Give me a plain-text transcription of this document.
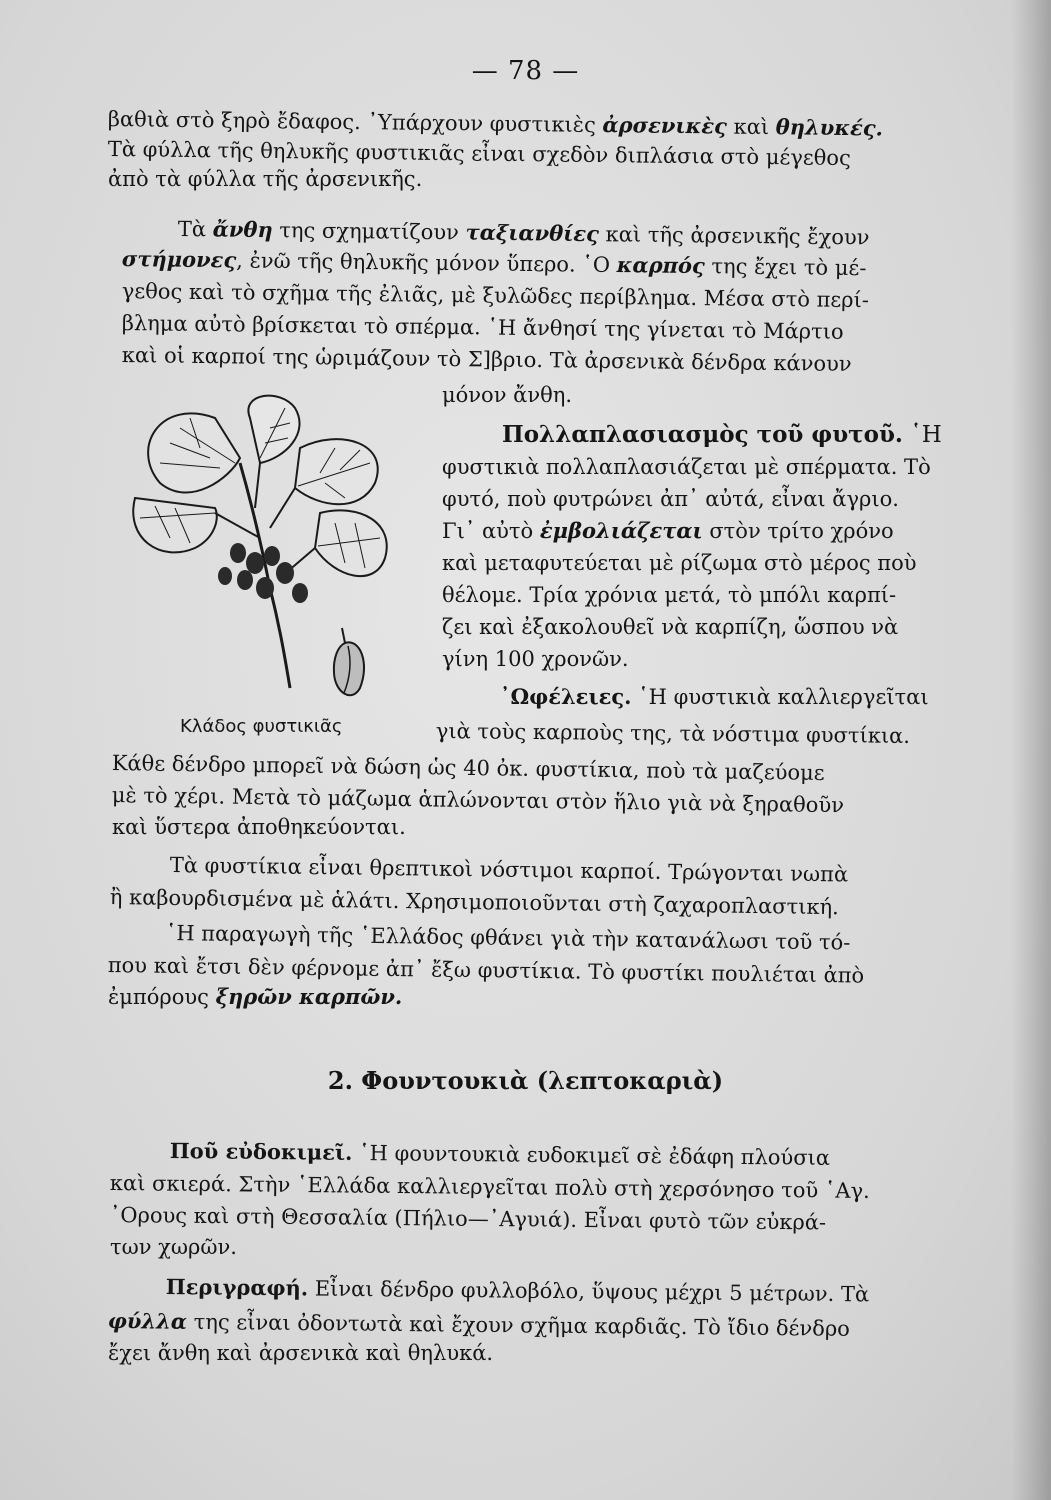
— 78 —

βαθιὰ στὸ ξηρὸ ἔδαφος. ᾿Υπάρχουν φυστικιὲς ἀρσενικὲς καὶ θηλυκές.

Τὰ φύλλα τῆς θηλυκῆς φυστικιᾶς εἶναι σχεδὸν διπλάσια στὸ μέγεθος

ἀπὸ τὰ φύλλα τῆς ἀρσενικῆς.

Τὰ ἄνθη της σχηματίζουν ταξιανθίες καὶ τῆς ἀρσενικῆς ἔχουν

στήμονες, ἐνῶ τῆς θηλυκῆς μόνον ὕπερο. ῾Ο καρπός της ἔχει τὸ μέ-

γεθος καὶ τὸ σχῆμα τῆς ἐλιᾶς, μὲ ξυλῶδες περίβλημα. Μέσα στὸ περί-

βλημα αὐτὸ βρίσκεται τὸ σπέρμα. ῾Η ἄνθησί της γίνεται τὸ Μάρτιο

καὶ οἱ καρποί της ὡριμάζουν τὸ Σ]βριο. Τὰ ἀρσενικὰ δένδρα κάνουν

μόνον ἄνθη.

Κλάδος φυστικιᾶς

Πολλαπλασιασμὸς τοῦ φυτοῦ. ῾Η

φυστικιὰ πολλαπλασιάζεται μὲ σπέρματα. Τὸ

φυτό, ποὺ φυτρώνει ἀπ᾿ αὐτά, εἶναι ἄγριο.

Γι᾿ αὐτὸ ἐμβολιάζεται στὸν τρίτο χρόνο

καὶ μεταφυτεύεται μὲ ρίζωμα στὸ μέρος ποὺ

θέλομε. Τρία χρόνια μετά, τὸ μπόλι καρπί-

ζει καὶ ἐξακολουθεῖ νὰ καρπίζη, ὥσπου νὰ

γίνη 100 χρονῶν.

᾿Ωφέλειες. ῾Η φυστικιὰ καλλιεργεῖται

γιὰ τοὺς καρποὺς της, τὰ νόστιμα φυστίκια.

Κάθε δένδρο μπορεῖ νὰ δώση ὡς 40 ὀκ. φυστίκια, ποὺ τὰ μαζεύομε

μὲ τὸ χέρι. Μετὰ τὸ μάζωμα ἁπλώνονται στὸν ἥλιο γιὰ νὰ ξηραθοῦν

καὶ ὕστερα ἀποθηκεύονται.

Τὰ φυστίκια εἶναι θρεπτικοὶ νόστιμοι καρποί. Τρώγονται νωπὰ

ἢ καβουρδισμένα μὲ ἁλάτι. Χρησιμοποιοῦνται στὴ ζαχαροπλαστική.

῾Η παραγωγὴ τῆς ῾Ελλάδος φθάνει γιὰ τὴν κατανάλωσι τοῦ τό-

που καὶ ἔτσι δὲν φέρνομε ἀπ᾿ ἔξω φυστίκια. Τὸ φυστίκι πουλιέται ἀπὸ

ἐμπόρους ξηρῶν καρπῶν.

2. Φουντουκιὰ (λεπτοκαριὰ)

Ποῦ εὐδοκιμεῖ. ῾Η φουντουκιὰ ευδοκιμεῖ σὲ ἐδάφη πλούσια

καὶ σκιερά. Στὴν ῾Ελλάδα καλλιεργεῖται πολὺ στὴ χερσόνησο τοῦ ῾Αγ.

᾿Ορους καὶ στὴ Θεσσαλία (Πήλιο—᾿Αγυιά). Εἶναι φυτὸ τῶν εὐκρά-

των χωρῶν.

Περιγραφή. Εἶναι δένδρο φυλλοβόλο, ὕψους μέχρι 5 μέτρων. Τὰ

φύλλα της εἶναι ὀδοντωτὰ καὶ ἔχουν σχῆμα καρδιᾶς. Τὸ ἴδιο δένδρο

ἔχει ἄνθη καὶ ἀρσενικὰ καὶ θηλυκά.
